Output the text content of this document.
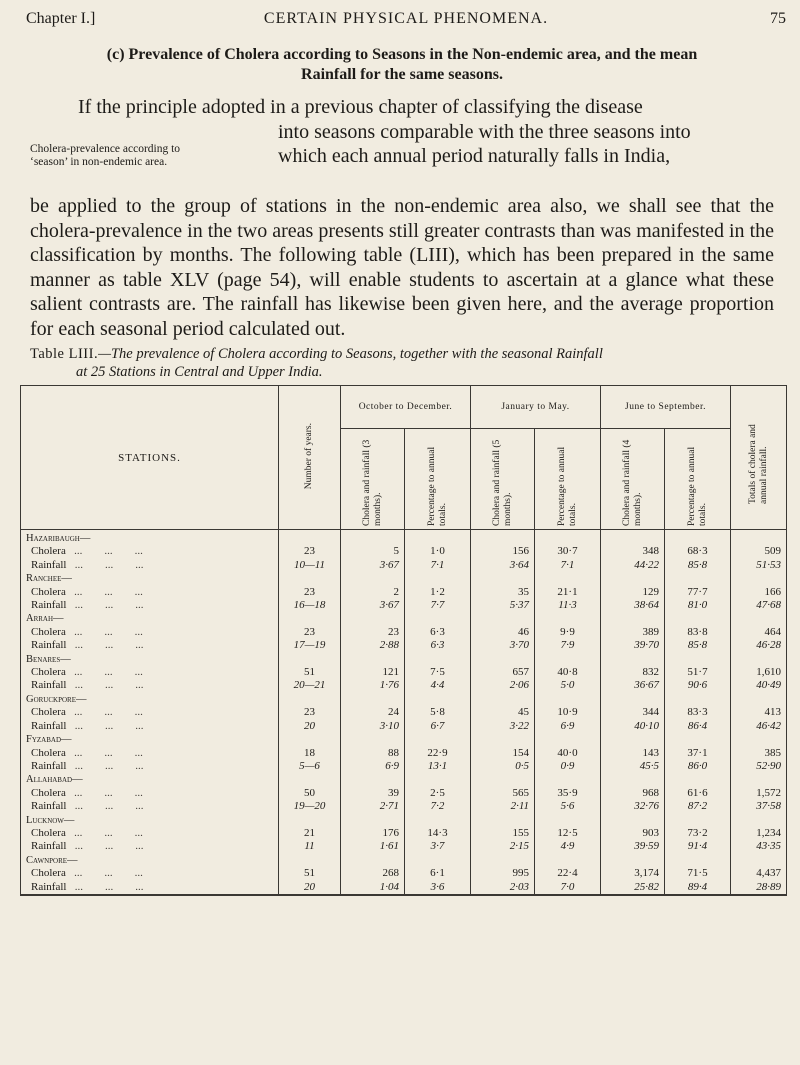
Chapter I.]	CERTAIN PHYSICAL PHENOMENA.	75
(c) Prevalence of Cholera according to Seasons in the Non-endemic area, and the mean
Rainfall for the same seasons.
If the principle adopted in a previous chapter of classifying the disease
into seasons comparable with the three seasons into
which each annual period naturally falls in India,
Cholera-prevalence according to
‘season’ in non-endemic area.
be applied to the group of stations in the non-endemic area also, we shall see that the cholera-prevalence in the two areas presents still greater contrasts than was manifested in the classification by months. The following table (LIII), which has been prepared in the same manner as table XLV (page 54), will enable students to ascertain at a glance what these salient contrasts are. The rainfall has likewise been given here, and the average proportion for each seasonal period calculated out.
Table LIII.—The prevalence of Cholera according to Seasons, together with the seasonal Rainfall
at 25 Stations in Central and Upper India.
STATIONS.	Number of years.	October to December.		January to May.		June to September.		Totals of cholera and annual rainfall.
		Cholera and rainfall (3 months).	Percentage to annual totals.	Cholera and rainfall (5 months).	Percentage to annual totals.	Cholera and rainfall (4 months).	Percentage to annual totals.	
Hazaribaugh—								
Cholera   ...        ...        ...	23	5	1·0	156	30·7	348	68·3	509
Rainfall   ...        ...        ...	10—11	3·67	7·1	3·64	7·1	44·22	85·8	51·53
Ranchee—								
Cholera   ...        ...        ...	23	2	1·2	35	21·1	129	77·7	166
Rainfall   ...        ...        ...	16—18	3·67	7·7	5·37	11·3	38·64	81·0	47·68
Arrah—								
Cholera   ...        ...        ...	23	23	6·3	46	9·9	389	83·8	464
Rainfall   ...        ...        ...	17—19	2·88	6·3	3·70	7·9	39·70	85·8	46·28
Benares—								
Cholera   ...        ...        ...	51	121	7·5	657	40·8	832	51·7	1,610
Rainfall   ...        ...        ...	20—21	1·76	4·4	2·06	5·0	36·67	90·6	40·49
Goruckpore—								
Cholera   ...        ...        ...	23	24	5·8	45	10·9	344	83·3	413
Rainfall   ...        ...        ...	20	3·10	6·7	3·22	6·9	40·10	86·4	46·42
Fyzabad—								
Cholera   ...        ...        ...	18	88	22·9	154	40·0	143	37·1	385
Rainfall   ...        ...        ...	5—6	6·9	13·1	0·5	0·9	45·5	86·0	52·90
Allahabad—								
Cholera   ...        ...        ...	50	39	2·5	565	35·9	968	61·6	1,572
Rainfall   ...        ...        ...	19—20	2·71	7·2	2·11	5·6	32·76	87·2	37·58
Lucknow—								
Cholera   ...        ...        ...	21	176	14·3	155	12·5	903	73·2	1,234
Rainfall   ...        ...        ...	11	1·61	3·7	2·15	4·9	39·59	91·4	43·35
Cawnpore—								
Cholera   ...        ...        ...	51	268	6·1	995	22·4	3,174	71·5	4,437
Rainfall   ...        ...        ...	20	1·04	3·6	2·03	7·0	25·82	89·4	28·89
